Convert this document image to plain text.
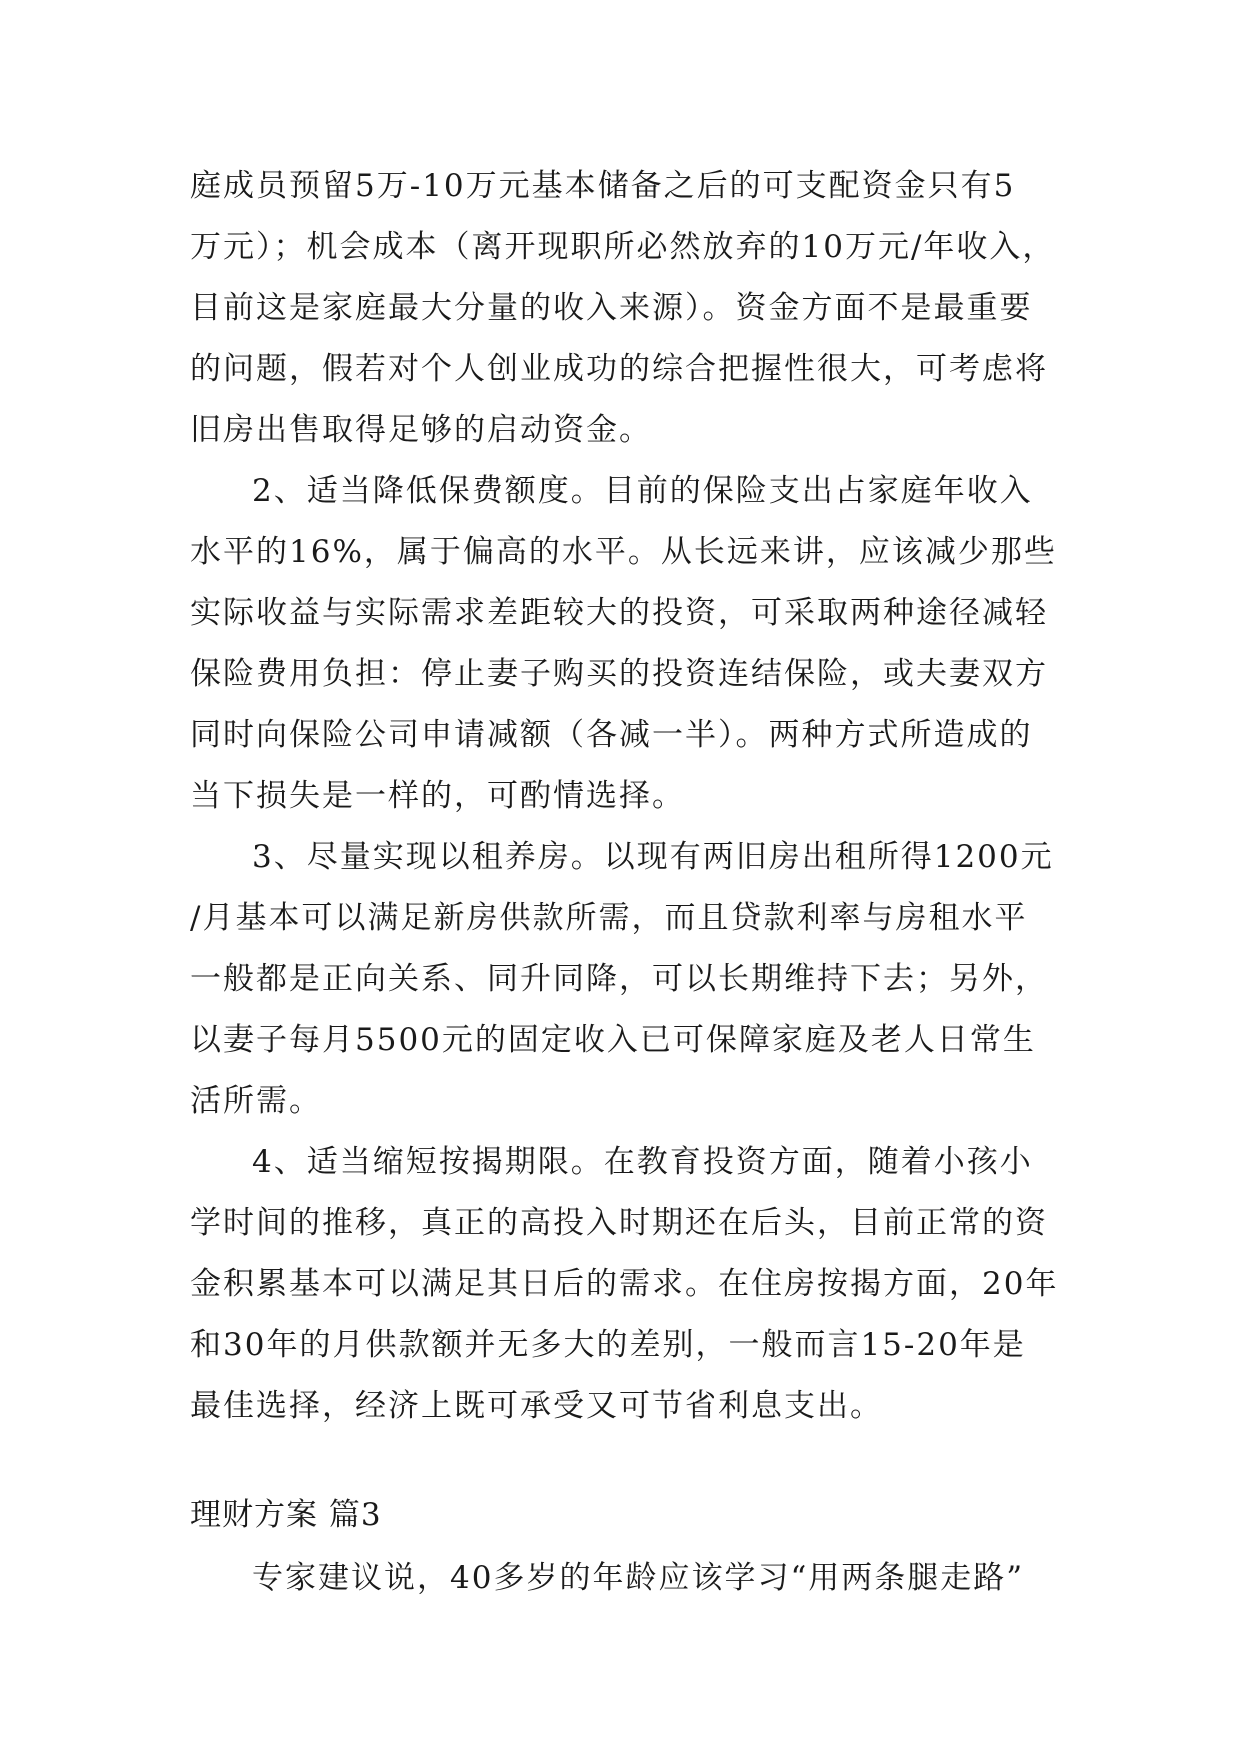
庭成员预留5万-10万元基本储备之后的可支配资金只有5
万元）；机会成本（离开现职所必然放弃的10万元/年收入，
目前这是家庭最大分量的收入来源）。资金方面不是最重要
的问题，假若对个人创业成功的综合把握性很大，可考虑将
旧房出售取得足够的启动资金。
2、适当降低保费额度。目前的保险支出占家庭年收入
水平的16%，属于偏高的水平。从长远来讲，应该减少那些
实际收益与实际需求差距较大的投资，可采取两种途径减轻
保险费用负担：停止妻子购买的投资连结保险，或夫妻双方
同时向保险公司申请减额（各减一半）。两种方式所造成的
当下损失是一样的，可酌情选择。
3、尽量实现以租养房。以现有两旧房出租所得1200元
/月基本可以满足新房供款所需，而且贷款利率与房租水平
一般都是正向关系、同升同降，可以长期维持下去；另外，
以妻子每月5500元的固定收入已可保障家庭及老人日常生
活所需。
4、适当缩短按揭期限。在教育投资方面，随着小孩小
学时间的推移，真正的高投入时期还在后头，目前正常的资
金积累基本可以满足其日后的需求。在住房按揭方面，20年
和30年的月供款额并无多大的差别，一般而言15-20年是
最佳选择，经济上既可承受又可节省利息支出。
理财方案 篇3
专家建议说，40多岁的年龄应该学习“用两条腿走路”
